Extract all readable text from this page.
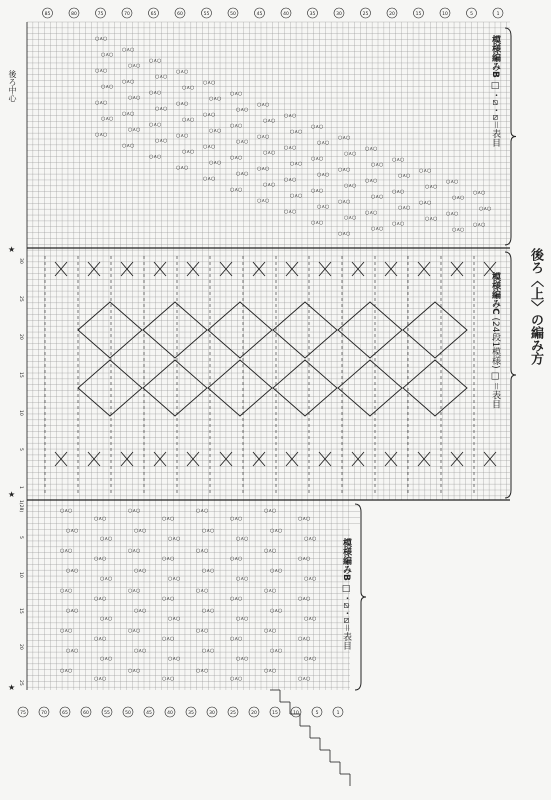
○⋏○
○⋏○
○⋏○
○⋏○
○⋏○
○⋏○
○⋏○
○⋏○
○⋏○
○⋏○
○⋏○
○⋏○
○⋏○
○⋏○
○⋏○
○⋏○
○⋏○
○⋏○
○⋏○
○⋏○
○⋏○
○⋏○
○⋏○
○⋏○
○⋏○
○⋏○
○⋏○
○⋏○
○⋏○
○⋏○
○⋏○
○⋏○
○⋏○
○⋏○
○⋏○
○⋏○
○⋏○
○⋏○
○⋏○
○⋏○
○⋏○
○⋏○
○⋏○
○⋏○
○⋏○
○⋏○
○⋏○
○⋏○
○⋏○
○⋏○
○⋏○
○⋏○
○⋏○
○⋏○
○⋏○
○⋏○
○⋏○
○⋏○
○⋏○
○⋏○
○⋏○
○⋏○
○⋏○
○⋏○
○⋏○
○⋏○
○⋏○
○⋏○
○⋏○
○⋏○
○⋏○
○⋏○
○⋏○
○⋏○
○⋏○
○⋏○
○⋏○
○⋏○
○⋏○
○⋏○
○⋏○
○⋏○
○⋏○
○⋏○
○⋏○
○⋏○
○⋏○
○⋏○
○⋏○
○⋏○
○⋏○
○⋏○
○⋏○
○⋏○
○⋏○
○⋏○
○⋏○
○⋏○
○⋏○
○⋏○
○⋏○
○⋏○
○⋏○
○⋏○
○⋏○
○⋏○
○⋏○
○⋏○
○⋏○
○⋏○
○⋏○
○⋏○
○⋏○
○⋏○
○⋏○
○⋏○
○⋏○
○⋏○
○⋏○
○⋏○
○⋏○
○⋏○
○⋏○
○⋏○
○⋏○
○⋏○
○⋏○
○⋏○
○⋏○
○⋏○
○⋏○
○⋏○
○⋏○
○⋏○
○⋏○
○⋏○
○⋏○
○⋏○
○⋏○
○⋏○
○⋏○
○⋏○
○⋏○
○⋏○
○⋏○
○⋏○
○⋏○
○⋏○
○⋏○
○⋏○
○⋏○
○⋏○
○⋏○
○⋏○
○⋏○
○⋏○
○⋏○
○⋏○
○⋏○
○⋏○
○⋏○
○⋏○
○⋏○
○⋏○
1
5
10
15
20
25
30
35
40
45
50
55
60
65
70
75
80
85
1
5
10
15
20
25
30
35
40
45
50
55
60
65
70
75
30
25
20
15
10
5
1
1(28)
5
10
15
20
25
★
★
★
後ろ〈上〉の編み方
模様編みB □・⧄・⧅＝表目
模様編みC (24段1模様) □＝表目
模様編みB □・⧄・⧅＝表目
後ろ中心
